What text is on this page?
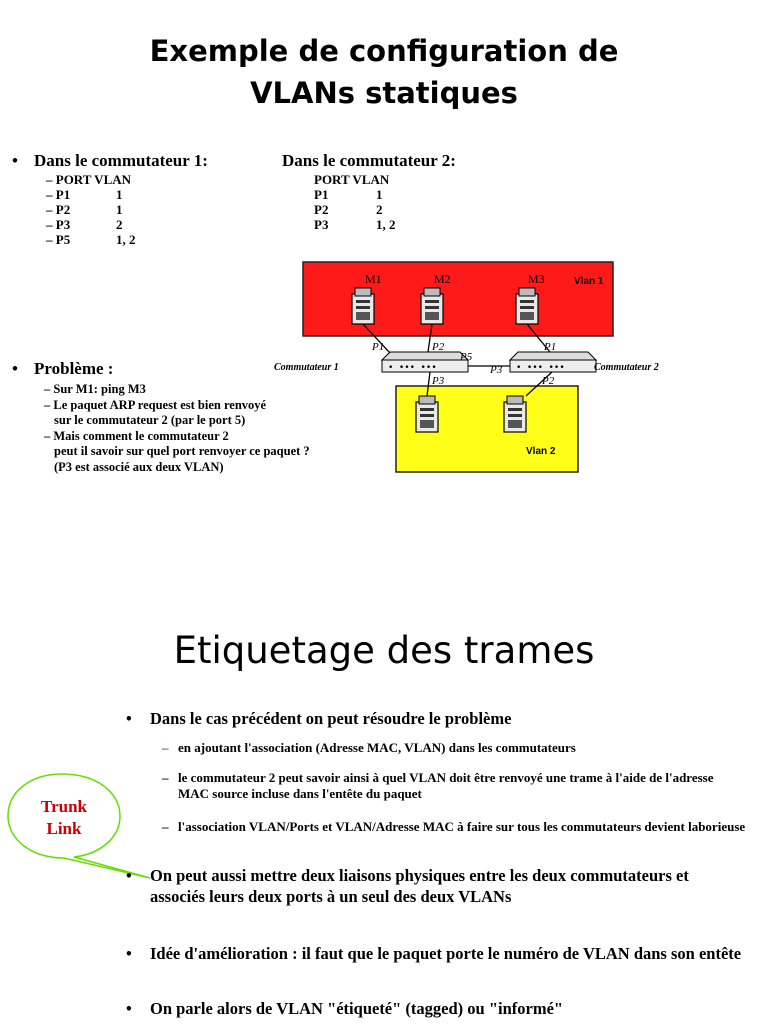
Exemple de configuration de
VLANs statiques
• Dans le commutateur 1:
– PORT VLAN	
– P1	1
– P2	1
– P3	2
– P5	1, 2
Dans le commutateur 2:
PORT VLAN	
P1	1
P2	2
P3	1, 2
Vlan 1
Vlan 2
M1	M2	M3
• ••• •••	• ••• •••
Commutateur 1	Commutateur 2
P1	P2
P5
P3
P1
P3
P2
• Problème :
– Sur M1: ping M3
– Le paquet ARP request est bien renvoyé
sur le commutateur 2 (par le port 5)
– Mais comment le commutateur 2
peut il savoir sur quel port renvoyer ce paquet ?
(P3 est associé aux deux VLAN)
Etiquetage des trames
Trunk
Link
• Dans le cas précédent on peut résoudre le problème
– en ajoutant l'association (Adresse MAC, VLAN) dans les commutateurs
– le commutateur 2 peut savoir ainsi à quel VLAN doit être renvoyé une trame à l'aide de l'adresse MAC source incluse dans l'entête du paquet
– l'association VLAN/Ports et VLAN/Adresse MAC à faire sur tous les commutateurs devient laborieuse
• On peut aussi mettre deux liaisons physiques entre les deux commutateurs et associés leurs deux ports à un seul des deux VLANs
• Idée d'amélioration : il faut que le paquet porte le numéro de VLAN dans son entête
• On parle alors de VLAN "étiqueté" (tagged) ou "informé"
